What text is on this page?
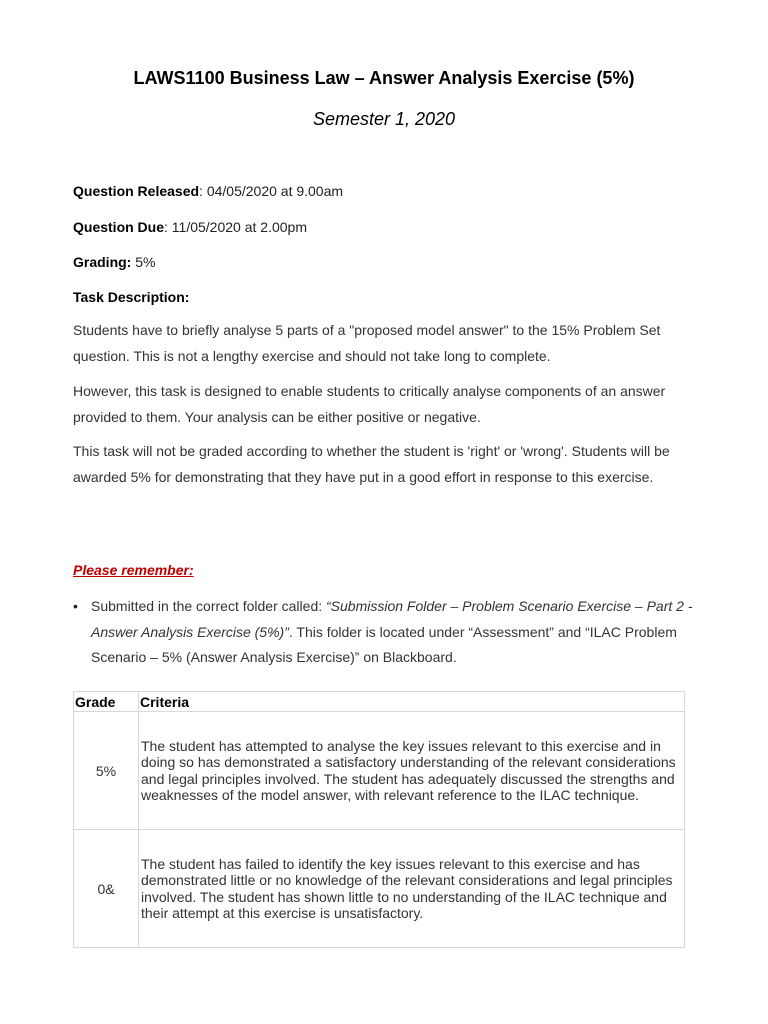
LAWS1100 Business Law – Answer Analysis Exercise (5%)
Semester 1, 2020
Question Released: 04/05/2020 at 9.00am
Question Due: 11/05/2020 at 2.00pm
Grading: 5%
Task Description:
Students have to briefly analyse 5 parts of a "proposed model answer" to the 15% Problem Set question. This is not a lengthy exercise and should not take long to complete.
However, this task is designed to enable students to critically analyse components of an answer provided to them. Your analysis can be either positive or negative.
This task will not be graded according to whether the student is 'right' or 'wrong'. Students will be awarded 5% for demonstrating that they have put in a good effort in response to this exercise.
Please remember:
• Submitted in the correct folder called: “Submission Folder – Problem Scenario Exercise – Part 2 - Answer Analysis Exercise (5%)”. This folder is located under “Assessment” and “ILAC Problem Scenario – 5% (Answer Analysis Exercise)” on Blackboard.
Grade	Criteria
5%	The student has attempted to analyse the key issues relevant to this exercise and in doing so has demonstrated a satisfactory understanding of the relevant considerations and legal principles involved. The student has adequately discussed the strengths and weaknesses of the model answer, with relevant reference to the ILAC technique.
0&	The student has failed to identify the key issues relevant to this exercise and has demonstrated little or no knowledge of the relevant considerations and legal principles involved. The student has shown little to no understanding of the ILAC technique and their attempt at this exercise is unsatisfactory.
